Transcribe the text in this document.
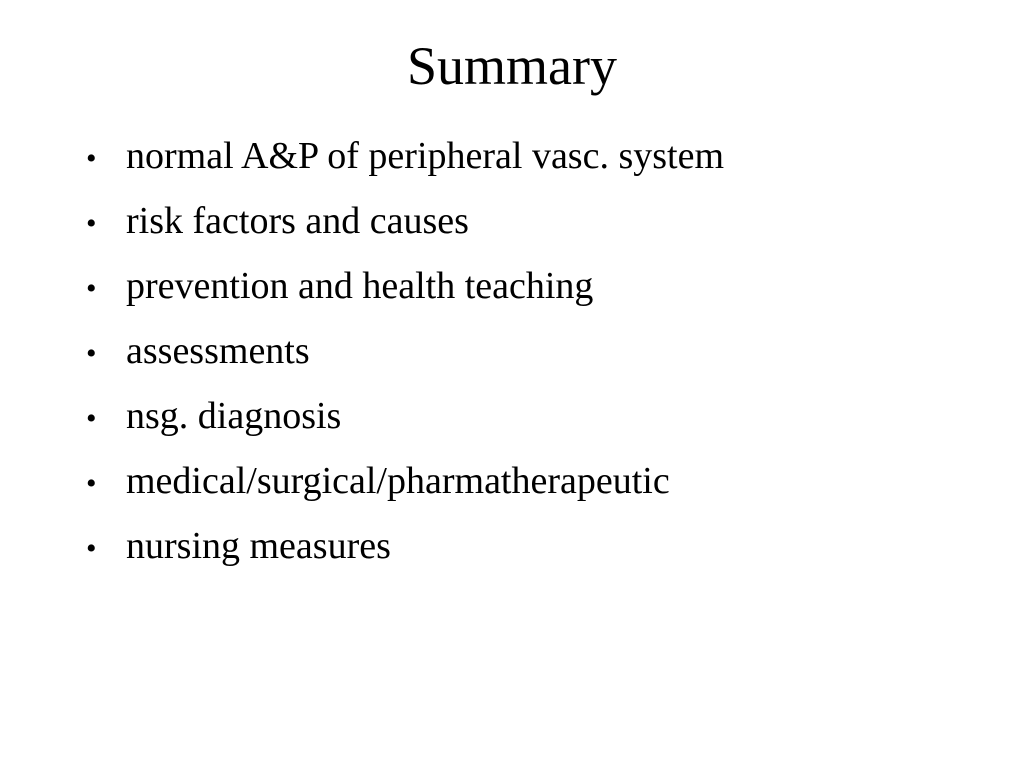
Summary
• normal A&P of peripheral vasc. system
• risk factors and causes
• prevention and health teaching
• assessments
• nsg. diagnosis
• medical/surgical/pharmatherapeutic
• nursing measures
